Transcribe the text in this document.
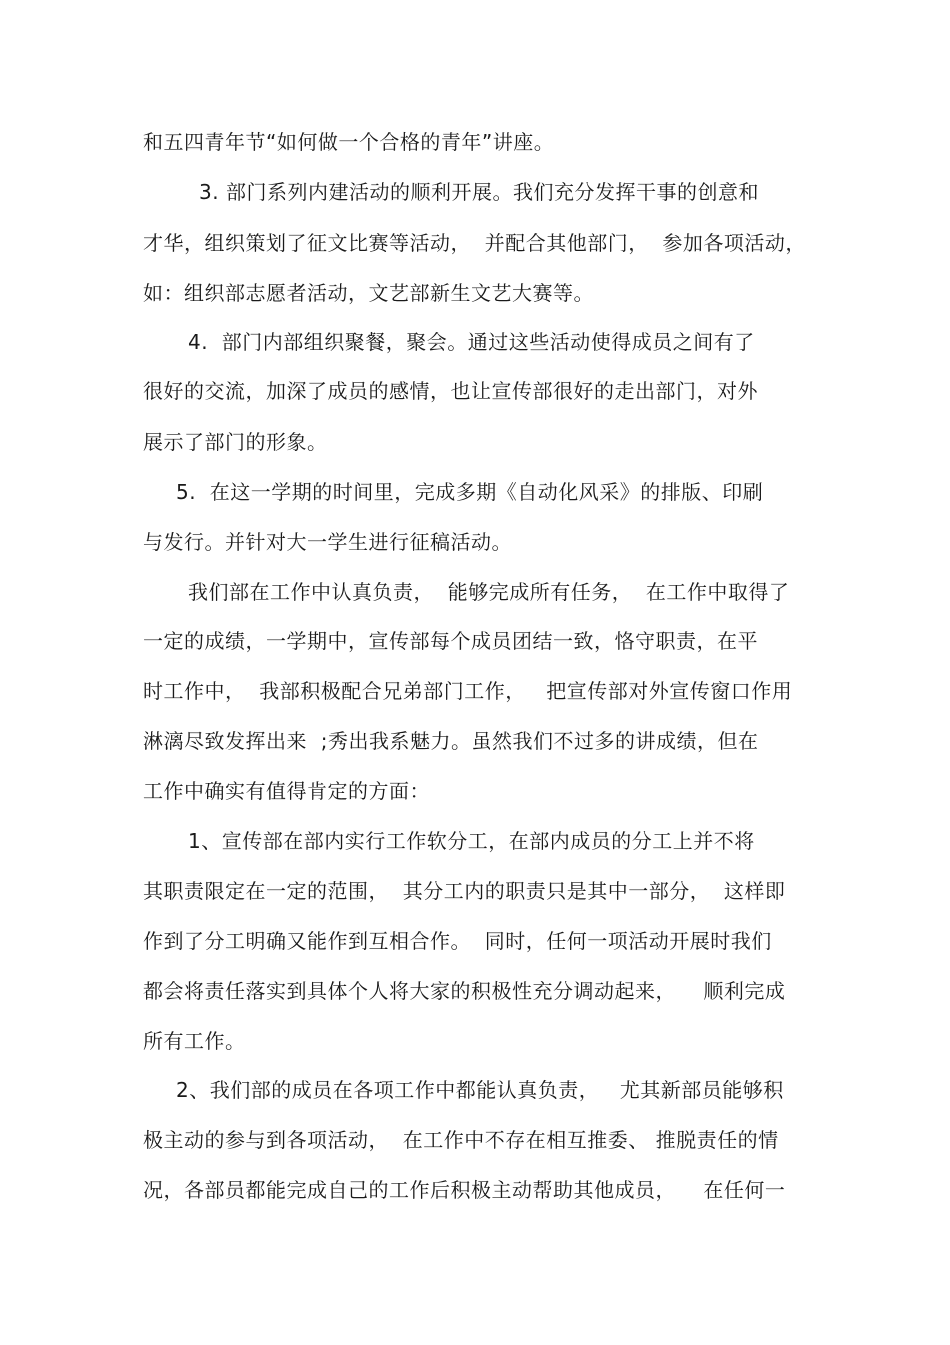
和五四青年节“如何做一个合格的青年”讲座。
3. 部门系列内建活动的顺利开展。我们充分发挥干事的创意和
才华，组织策划了征文比赛等活动，  并配合其他部门，  参加各项活动，
如：组织部志愿者活动，文艺部新生文艺大赛等。
4.  部门内部组织聚餐，聚会。通过这些活动使得成员之间有了
很好的交流，加深了成员的感情，也让宣传部很好的走出部门，对外
展示了部门的形象。
5.  在这一学期的时间里，完成多期《自动化风采》的排版、印刷
与发行。并针对大一学生进行征稿活动。
我们部在工作中认真负责，  能够完成所有任务，  在工作中取得了
一定的成绩，一学期中，宣传部每个成员团结一致，恪守职责，在平
时工作中，  我部积极配合兄弟部门工作，   把宣传部对外宣传窗口作用
淋漓尽致发挥出来  ;秀出我系魅力。虽然我们不过多的讲成绩，但在
工作中确实有值得肯定的方面：
1、宣传部在部内实行工作软分工，在部内成员的分工上并不将
其职责限定在一定的范围，  其分工内的职责只是其中一部分，  这样即
作到了分工明确又能作到互相合作。  同时，任何一项活动开展时我们
都会将责任落实到具体个人将大家的积极性充分调动起来，    顺利完成
所有工作。
2、我们部的成员在各项工作中都能认真负责，   尤其新部员能够积
极主动的参与到各项活动，  在工作中不存在相互推委、 推脱责任的情
况，各部员都能完成自己的工作后积极主动帮助其他成员，    在任何一
